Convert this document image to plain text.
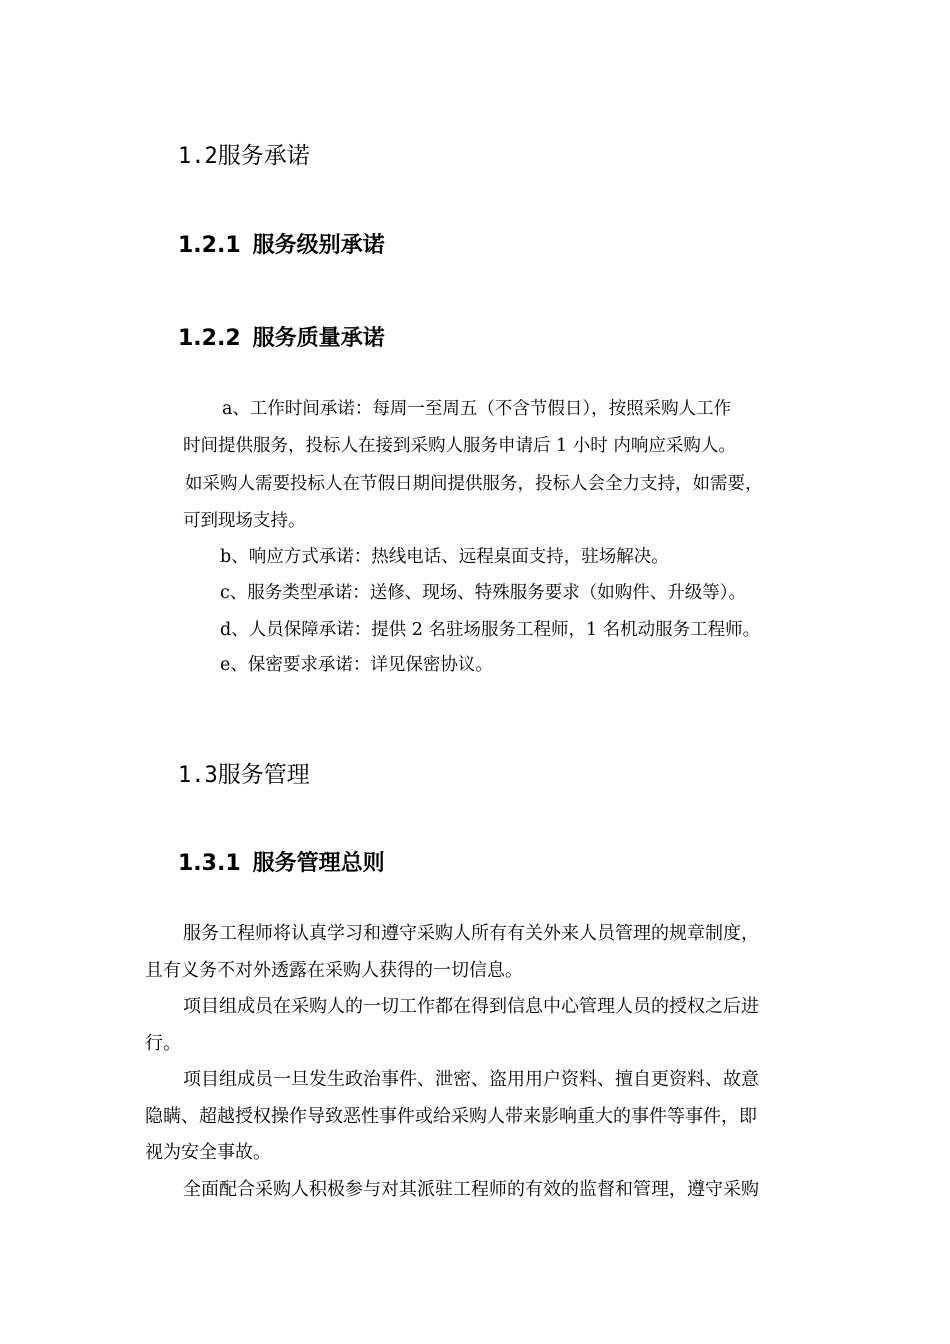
1.2服务承诺
1.2.1 服务级别承诺
1.2.2 服务质量承诺

a、工作时间承诺：每周一至周五（不含节假日），按照采购人工作

时间提供服务，投标人在接到采购人服务申请后 1 小时 内响应采购人。

如采购人需要投标人在节假日期间提供服务，投标人会全力支持，如需要，

可到现场支持。

b、响应方式承诺：热线电话、远程桌面支持，驻场解决。

c、服务类型承诺：送修、现场、特殊服务要求（如购件、升级等）。

d、人员保障承诺：提供 2 名驻场服务工程师，1 名机动服务工程师。

e、保密要求承诺：详见保密协议。

1.3服务管理
1.3.1 服务管理总则

服务工程师将认真学习和遵守采购人所有有关外来人员管理的规章制度，

且有义务不对外透露在采购人获得的一切信息。

项目组成员在采购人的一切工作都在得到信息中心管理人员的授权之后进

行。

项目组成员一旦发生政治事件、泄密、盗用用户资料、擅自更资料、故意

隐瞒、超越授权操作导致恶性事件或给采购人带来影响重大的事件等事件，即

视为安全事故。

全面配合采购人积极参与对其派驻工程师的有效的监督和管理，遵守采购
